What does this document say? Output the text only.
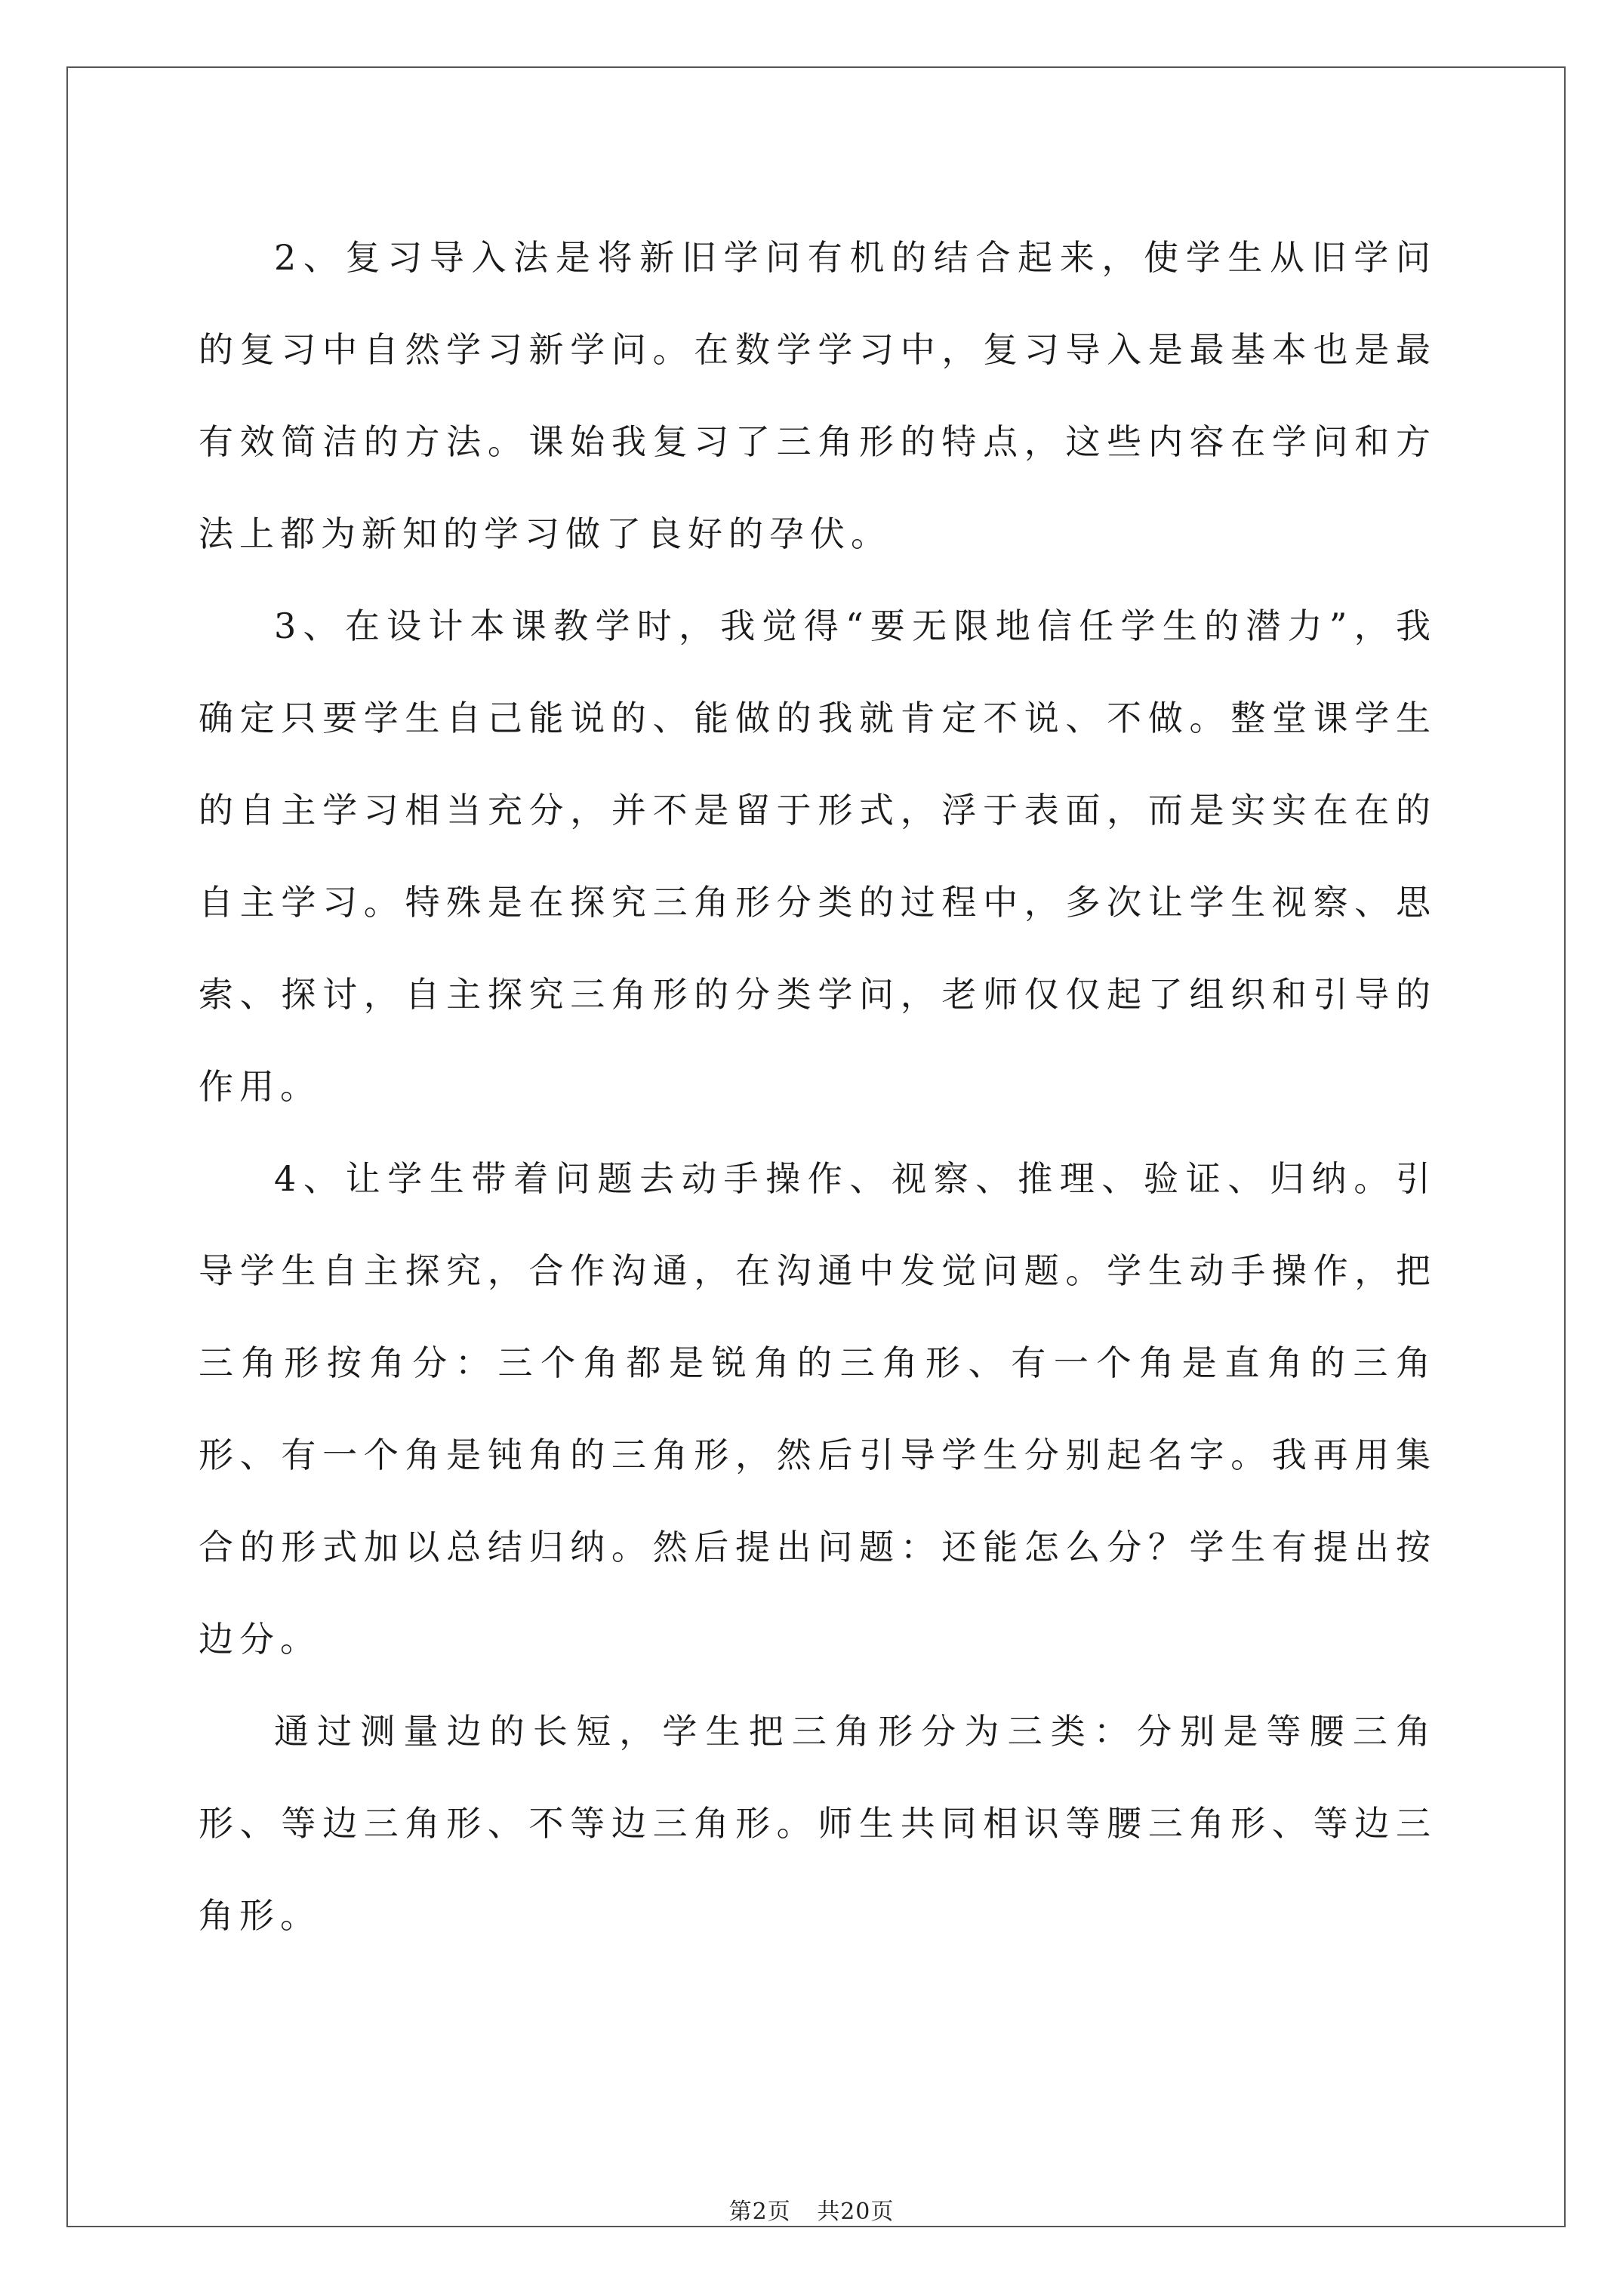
2、复习导入法是将新旧学问有机的结合起来，使学生从旧学问的复习中自然学习新学问。在数学学习中，复习导入是最基本也是最有效简洁的方法。课始我复习了三角形的特点，这些内容在学问和方法上都为新知的学习做了良好的孕伏。

3、在设计本课教学时，我觉得“要无限地信任学生的潜力”，我确定只要学生自己能说的、能做的我就肯定不说、不做。整堂课学生的自主学习相当充分，并不是留于形式，浮于表面，而是实实在在的自主学习。特殊是在探究三角形分类的过程中，多次让学生视察、思索、探讨，自主探究三角形的分类学问，老师仅仅起了组织和引导的作用。

4、让学生带着问题去动手操作、视察、推理、验证、归纳。引导学生自主探究，合作沟通，在沟通中发觉问题。学生动手操作，把三角形按角分：三个角都是锐角的三角形、有一个角是直角的三角形、有一个角是钝角的三角形，然后引导学生分别起名字。我再用集合的形式加以总结归纳。然后提出问题：还能怎么分？学生有提出按边分。

通过测量边的长短，学生把三角形分为三类：分别是等腰三角形、等边三角形、不等边三角形。师生共同相识等腰三角形、等边三角形。

第2页 共20页
